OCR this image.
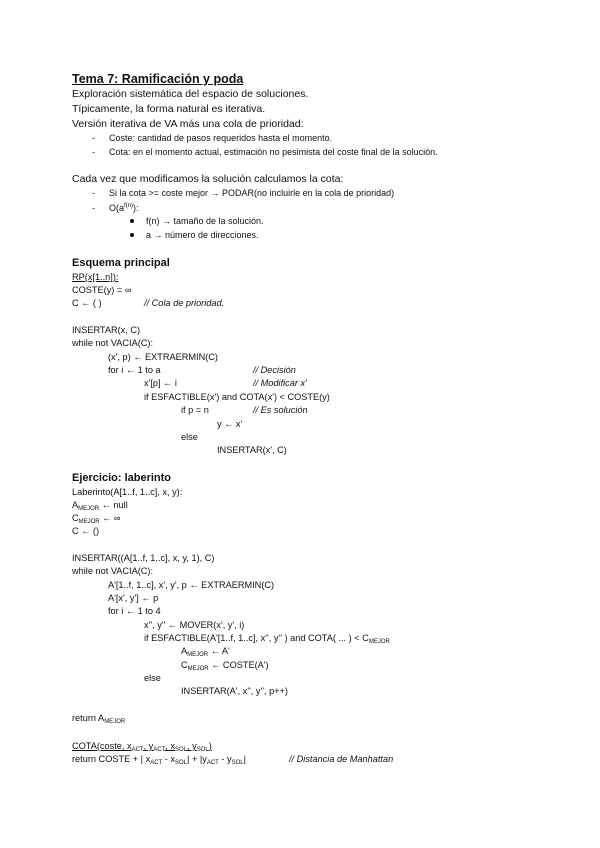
Tema 7: Ramificación y poda
Exploración sistemática del espacio de soluciones.
Típicamente, la forma natural es iterativa.
Versión iterativa de VA más una cola de prioridad:
- Coste: cantidad de pasos requeridos hasta el momento.
- Cota: en el momento actual, estimación no pesimista del coste final de la solución.
Cada vez que modificamos la solución calculamos la cota:
- Si la cota >= coste mejor → PODAR(no incluirle en la cola de prioridad)
- $O(a^{f(n)})$:
f(n) → tamaño de la solución.
a → número de direcciones.
Esquema principal
RP(x[1..n]):
COSTE(y) = ∞
C ← ( )	// Cola de prioridad.
INSERTAR(x, C)
while not VACIA(C):
(x', p) ← EXTRAERMIN(C)
for i ← 1 to a	// Decisión
x'[p] ← i	// Modificar x'
if ESFACTIBLE(x') and COTA(x') < COSTE(y)
if p = n	// Es solución
y ← x'
else
INSERTAR(x', C)
Ejercicio: laberinto
Laberinto(A[1..f, 1..c], x, y):
$A_{MEJOR}$ ← null
$C_{MEJOR}$ ← ∞
C ← ()
INSERTAR((A[1..f, 1..c], x, y, 1), C)
while not VACIA(C):
A'[1..f, 1..c], x', y', p ← EXTRAERMIN(C)
A'[x', y'] ← p
for i ← 1 to 4
x'', y'' ← MOVER(x', y', i)
if ESFACTIBLE(A'[1..f, 1..c], x'', y'' ) and COTA( ... ) < $C_{MEJOR}$
$A_{MEJOR}$ ← A'
$C_{MEJOR}$ ← COSTE(A')
else
INSERTAR(A', x'', y'', p++)
return $A_{MEJOR}$
COTA(coste, $x_{ACT}$, $y_{ACT}$, $x_{SOL}$, $y_{SOL}$)
return COSTE + | $x_{ACT} - x_{SOL}| + |y_{ACT} - y_{SOL}|$	// Distancia de Manhattan
